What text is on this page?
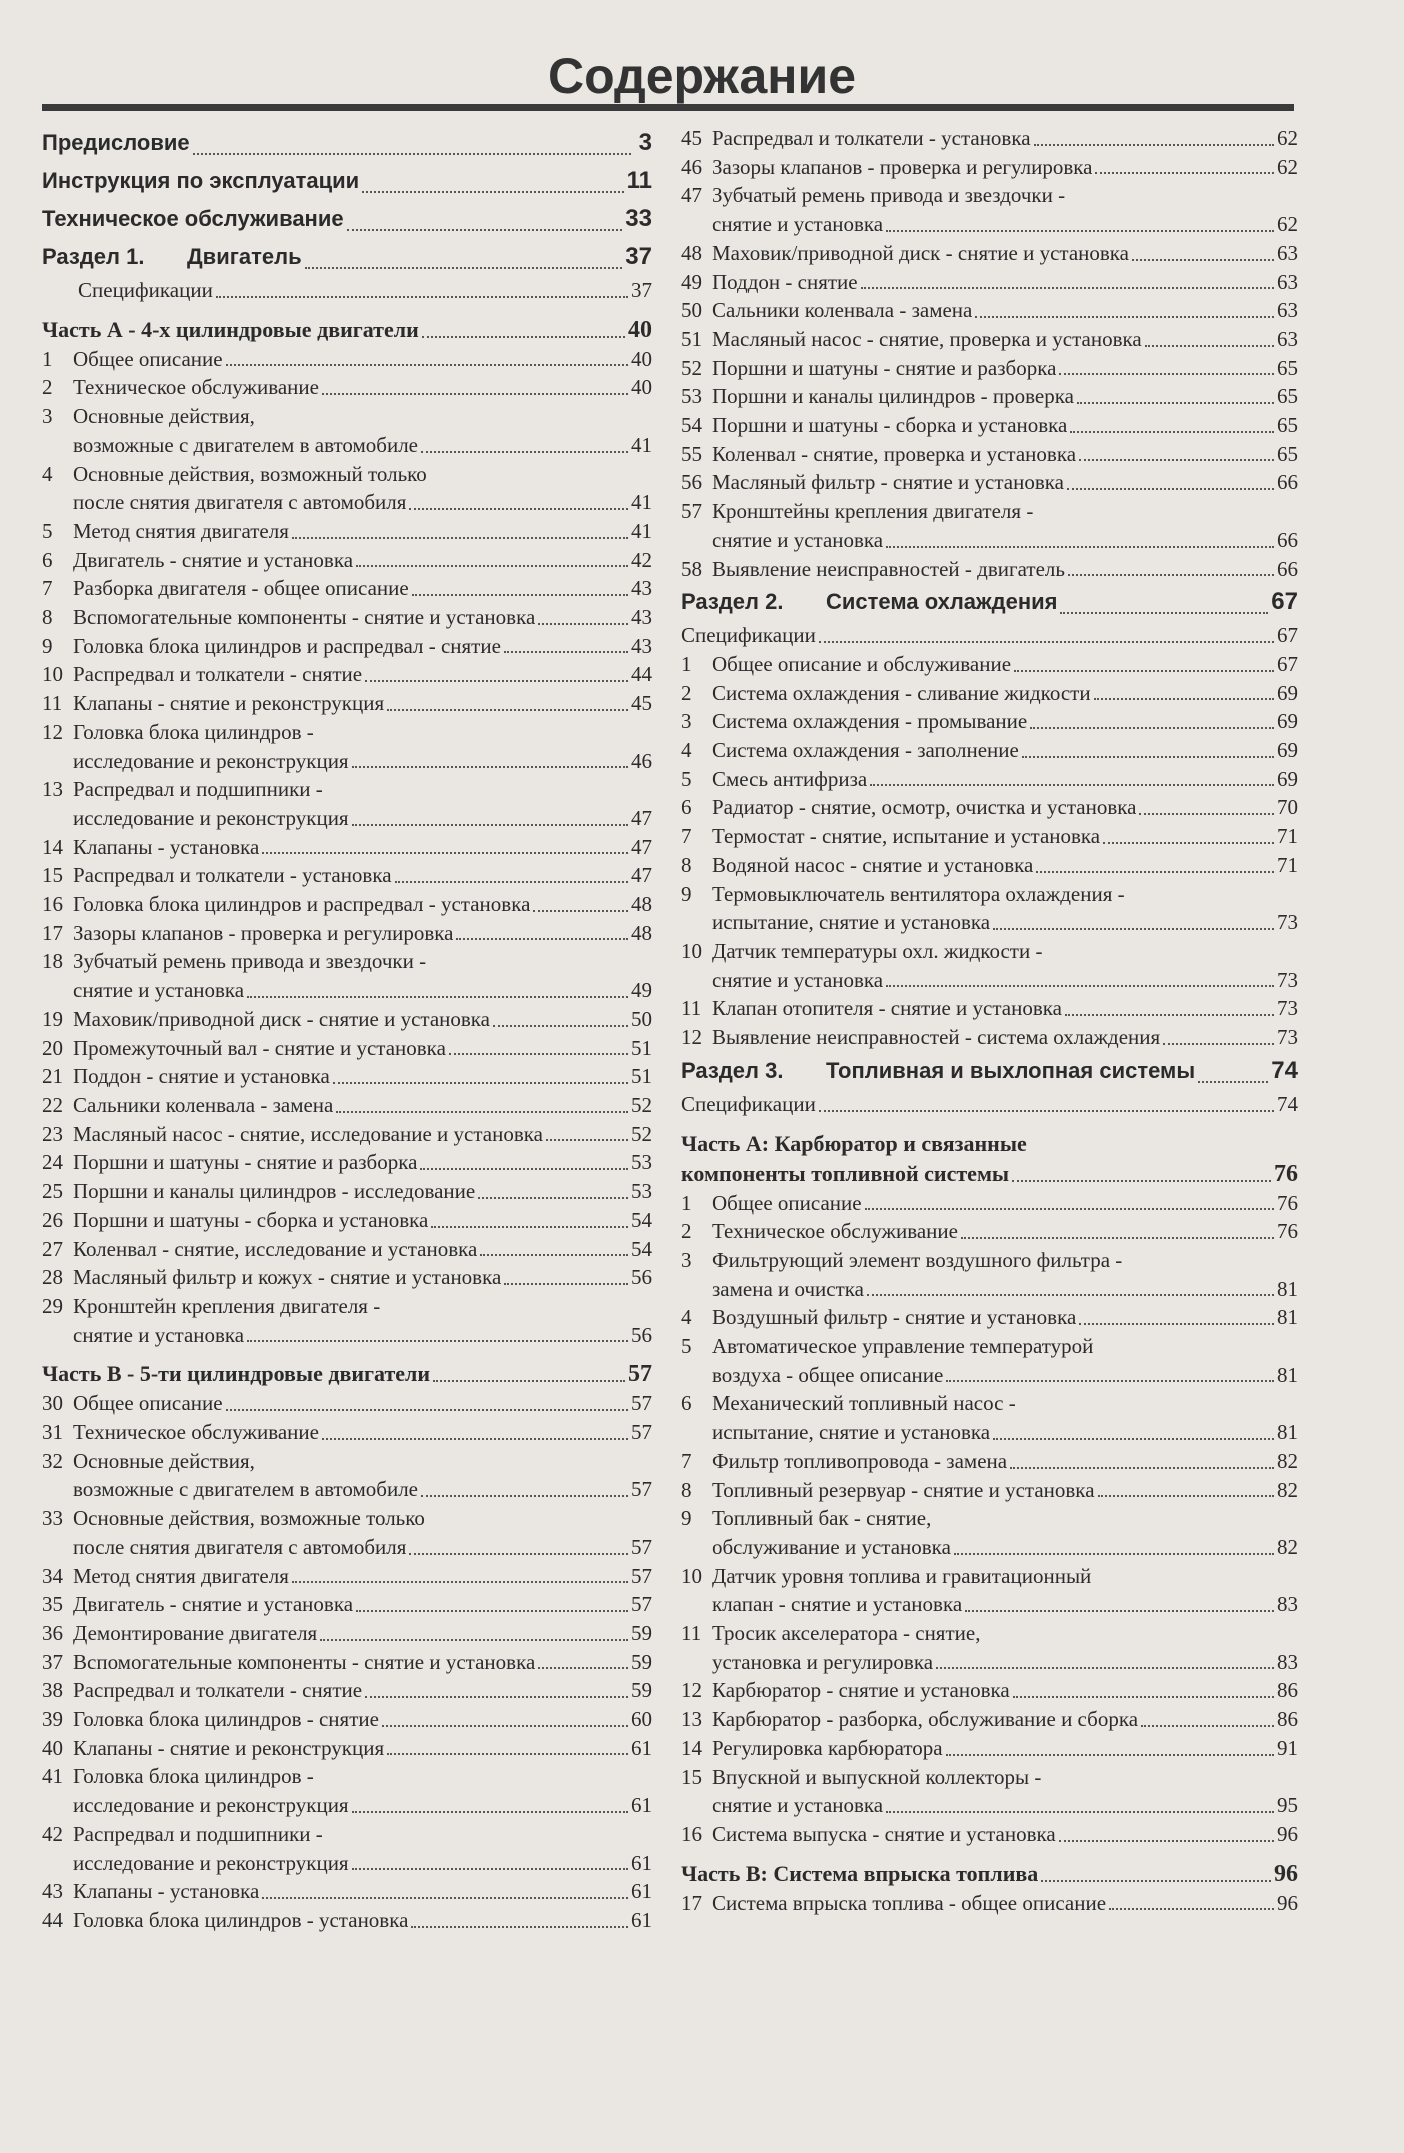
Содержание
Предисловие	3
Инструкция по эксплуатации	11
Техническое обслуживание	33
Раздел 1.	Двигатель	37
Спецификации	37
Часть А - 4-х цилиндровые двигатели	40
1 Общее описание	40
2 Техническое обслуживание	40
3 Основные действия,
возможные с двигателем в автомобиле	41
4 Основные действия, возможный только
после снятия двигателя с автомобиля	41
5 Метод снятия двигателя	41
6 Двигатель - снятие и установка	42
7 Разборка двигателя - общее описание	43
8 Вспомогательные компоненты - снятие и установка	43
9 Головка блока цилиндров и распредвал - снятие	43
10 Распредвал и толкатели - снятие	44
11 Клапаны - снятие и реконструкция	45
12 Головка блока цилиндров -
исследование и реконструкция	46
13 Распредвал и подшипники -
исследование и реконструкция	47
14 Клапаны - установка	47
15 Распредвал и толкатели - установка	47
16 Головка блока цилиндров и распредвал - установка	48
17 Зазоры клапанов - проверка и регулировка	48
18 Зубчатый ремень привода и звездочки -
снятие и установка	49
19 Маховик/приводной диск - снятие и установка	50
20 Промежуточный вал - снятие и установка	51
21 Поддон - снятие и установка	51
22 Сальники коленвала - замена	52
23 Масляный насос - снятие, исследование и установка	52
24 Поршни и шатуны - снятие и разборка	53
25 Поршни и каналы цилиндров - исследование	53
26 Поршни и шатуны - сборка и установка	54
27 Коленвал - снятие, исследование и установка	54
28 Масляный фильтр и кожух - снятие и установка	56
29 Кронштейн крепления двигателя -
снятие и установка	56
Часть В - 5-ти цилиндровые двигатели	57
30 Общее описание	57
31 Техническое обслуживание	57
32 Основные действия,
возможные с двигателем в автомобиле	57
33 Основные действия, возможные только
после снятия двигателя с автомобиля	57
34 Метод снятия двигателя	57
35 Двигатель - снятие и установка	57
36 Демонтирование двигателя	59
37 Вспомогательные компоненты - снятие и установка	59
38 Распредвал и толкатели - снятие	59
39 Головка блока цилиндров - снятие	60
40 Клапаны - снятие и реконструкция	61
41 Головка блока цилиндров -
исследование и реконструкция	61
42 Распредвал и подшипники -
исследование и реконструкция	61
43 Клапаны - установка	61
44 Головка блока цилиндров - установка	61
45 Распредвал и толкатели - установка	62
46 Зазоры клапанов - проверка и регулировка	62
47 Зубчатый ремень привода и звездочки -
снятие и установка	62
48 Маховик/приводной диск - снятие и установка	63
49 Поддон - снятие	63
50 Сальники коленвала - замена	63
51 Масляный насос - снятие, проверка и установка	63
52 Поршни и шатуны - снятие и разборка	65
53 Поршни и каналы цилиндров - проверка	65
54 Поршни и шатуны - сборка и установка	65
55 Коленвал - снятие, проверка и установка	65
56 Масляный фильтр - снятие и установка	66
57 Кронштейны крепления двигателя -
снятие и установка	66
58 Выявление неисправностей - двигатель	66
Раздел 2.	Система охлаждения	67
Спецификации	67
1 Общее описание и обслуживание	67
2 Система охлаждения - сливание жидкости	69
3 Система охлаждения - промывание	69
4 Система охлаждения - заполнение	69
5 Смесь антифриза	69
6 Радиатор - снятие, осмотр, очистка и установка	70
7 Термостат - снятие, испытание и установка	71
8 Водяной насос - снятие и установка	71
9 Термовыключатель вентилятора охлаждения -
испытание, снятие и установка	73
10 Датчик температуры охл. жидкости -
снятие и установка	73
11 Клапан отопителя - снятие и установка	73
12 Выявление неисправностей - система охлаждения	73
Раздел 3.	Топливная и выхлопная системы	74
Спецификации	74
Часть А: Карбюратор и связанные
компоненты топливной системы	76
1 Общее описание	76
2 Техническое обслуживание	76
3 Фильтрующий элемент воздушного фильтра -
замена и очистка	81
4 Воздушный фильтр - снятие и установка	81
5 Автоматическое управление температурой
воздуха - общее описание	81
6 Механический топливный насос -
испытание, снятие и установка	81
7 Фильтр топливопровода - замена	82
8 Топливный резервуар - снятие и установка	82
9 Топливный бак - снятие,
обслуживание и установка	82
10 Датчик уровня топлива и гравитационный
клапан - снятие и установка	83
11 Тросик акселератора - снятие,
установка и регулировка	83
12 Карбюратор - снятие и установка	86
13 Карбюратор - разборка, обслуживание и сборка	86
14 Регулировка карбюратора	91
15 Впускной и выпускной коллекторы -
снятие и установка	95
16 Система выпуска - снятие и установка	96
Часть В: Система впрыска топлива	96
17 Система впрыска топлива - общее описание	96
